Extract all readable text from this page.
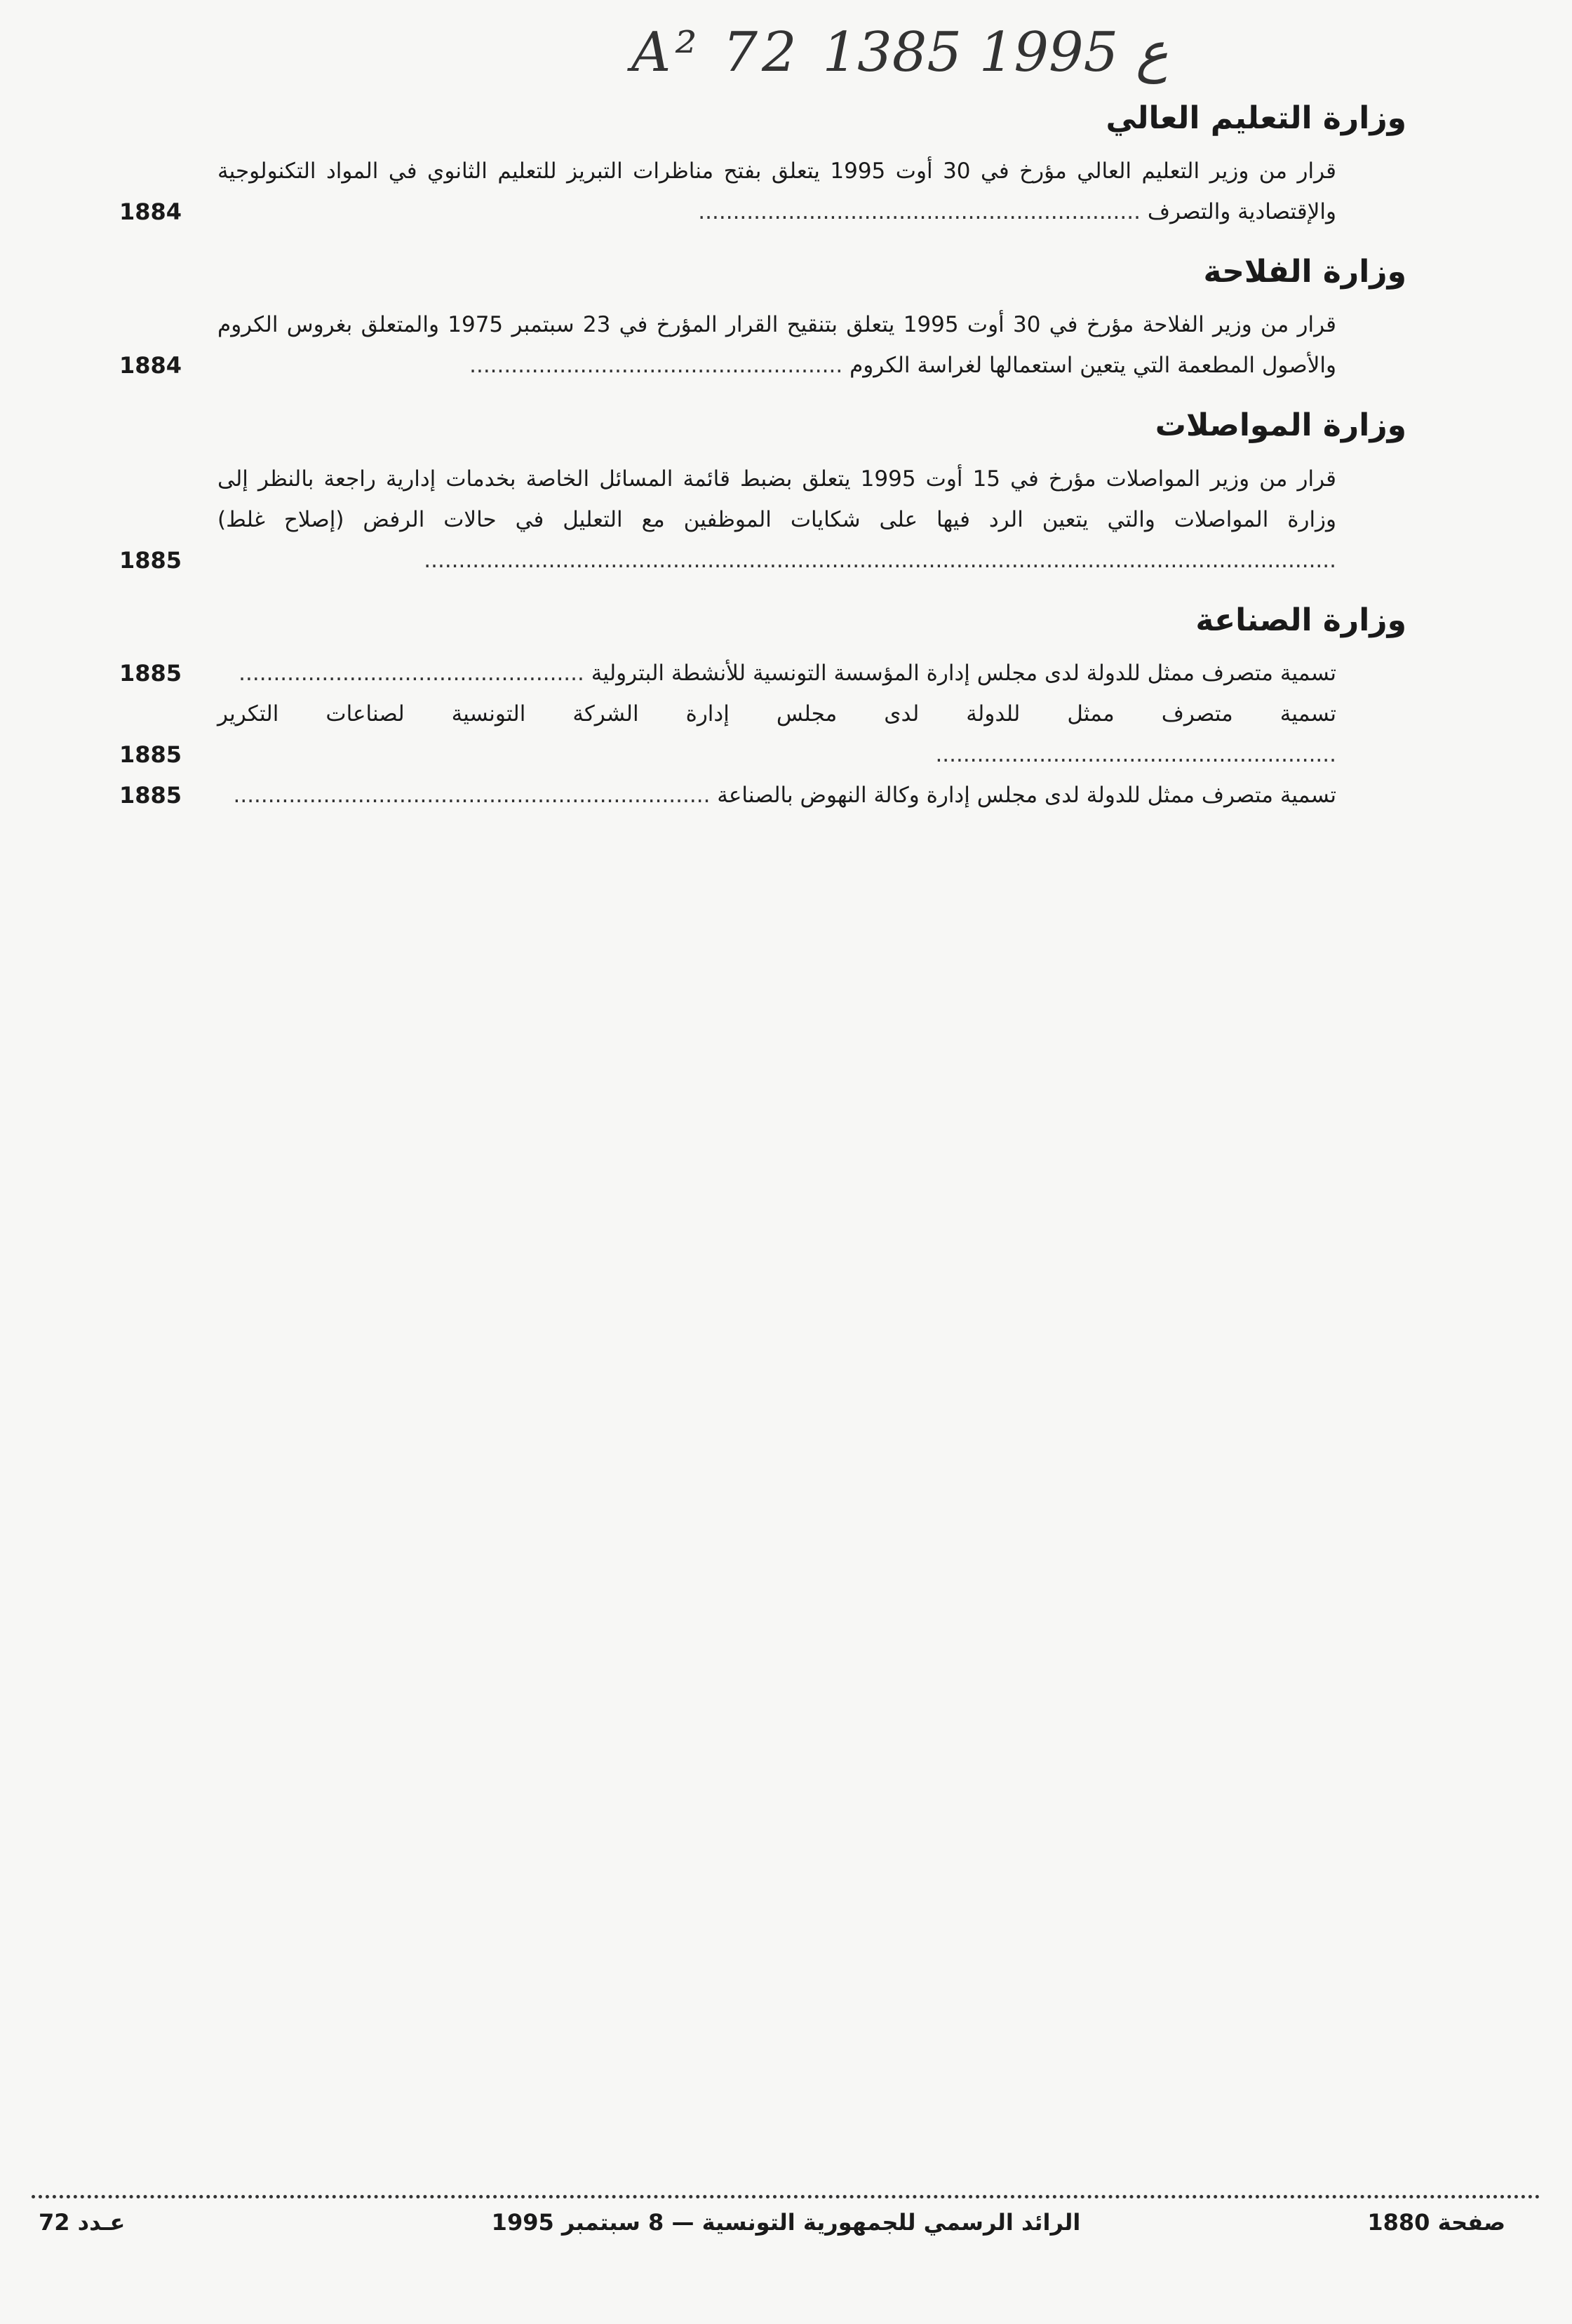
A² 72 ع 1995 1385
وزارة التعليم العالي
قرار من وزير التعليم العالي مؤرخ في 30 أوت 1995 يتعلق بفتح مناظرات التبريز للتعليم الثانوي في المواد التكنولوجية والإقتصادية والتصرف ................................................................
1884
وزارة الفلاحة
قرار من وزير الفلاحة مؤرخ في 30 أوت 1995 يتعلق بتنقيح القرار المؤرخ في 23 سبتمبر 1975 والمتعلق بغروس الكروم والأصول المطعمة التي يتعين استعمالها لغراسة الكروم ......................................................
1884
وزارة المواصلات
قرار من وزير المواصلات مؤرخ في 15 أوت 1995 يتعلق بضبط قائمة المسائل الخاصة بخدمات إدارية راجعة بالنظر إلى وزارة المواصلات والتي يتعين الرد فيها على شكايات الموظفين مع التعليل في حالات الرفض (إصلاح غلط) ....................................................................................................................................
1885
وزارة الصناعة
تسمية متصرف ممثل للدولة لدى مجلس إدارة المؤسسة التونسية للأنشطة البترولية ..................................................
1885
تسمية متصرف ممثل للدولة لدى مجلس إدارة الشركة التونسية لصناعات التكرير ..........................................................
1885
تسمية متصرف ممثل للدولة لدى مجلس إدارة وكالة النهوض بالصناعة .....................................................................
1885
صفحة 1880
الرائد الرسمي للجمهورية التونسية — 8 سبتمبر 1995
عـدد 72
